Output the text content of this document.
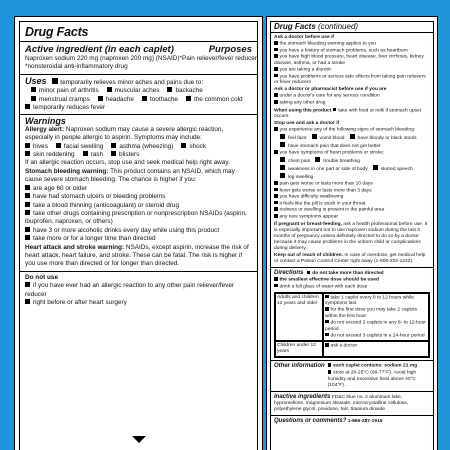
Drug Facts
Active ingredient (in each caplet)	Purposes
Naproxen sodium 220 mg (naproxen 200 mg) (NSAID)* Pain reliever/fever reducer
*nonsteroidal anti-inflammatory drug
Uses temporarily relieves minor aches and pains due to:
minor pain of arthritis	muscular aches	backache
menstrual cramps	headache	toothache	the common cold
temporarily reduces fever
Warnings
Allergy alert: Naproxen sodium may cause a severe allergic reaction, especially in people allergic to aspirin. Symptoms may include:
hives	facial swelling	asthma (wheezing)	shock
skin reddening	rash	blisters
If an allergic reaction occurs, stop use and seek medical help right away.
Stomach bleeding warning: This product contains an NSAID, which may cause severe stomach bleeding. The chance is higher if you:
are age 60 or older
have had stomach ulcers or bleeding problems
take a blood thinning (anticoagulant) or steroid drug
take other drugs containing prescription or nonprescription NSAIDs (aspirin, ibuprofen, naproxen, or others)
have 3 or more alcoholic drinks every day while using this product
take more or for a longer time than directed
Heart attack and stroke warning: NSAIDs, except aspirin, increase the risk of heart attack, heart failure, and stroke. These can be fatal. The risk is higher if you use more than directed or for longer than directed.
Do not use
if you have ever had an allergic reaction to any other pain reliever/fever reducer
right before or after heart surgery
Drug Facts (continued)
Ask a doctor before use if
the stomach bleeding warning applies to you
you have a history of stomach problems, such as heartburn
you have high blood pressure, heart disease, liver cirrhosis, kidney disease, asthma, or had a stroke
you are taking a diuretic
you have problems or serious side effects from taking pain relievers or fever reducers
Ask a doctor or pharmacist before use if you are
under a doctor's care for any serious condition
taking any other drug
When using this product take with food or milk if stomach upset occurs
Stop use and ask a doctor if
you experience any of the following signs of stomach bleeding:
feel faint	vomit blood	have bloody or black stools
have stomach pain that does not get better
you have symptoms of heart problems or stroke:
chest pain	trouble breathing
weakness in one part or side of body	slurred speech
leg swelling
pain gets worse or lasts more than 10 days
fever gets worse or lasts more than 3 days
you have difficulty swallowing
it feels like the pill is stuck in your throat
redness or swelling is present in the painful area
any new symptoms appear
If pregnant or breast-feeding, ask a health professional before use. It is especially important not to use naproxen sodium during the last 3 months of pregnancy unless definitely directed to do so by a doctor because it may cause problems in the unborn child or complications during delivery.
Keep out of reach of children. In case of overdose, get medical help or contact a Poison Control Center right away (1-800-222-1222).
Directions do not take more than directed
the smallest effective dose should be used
drink a full glass of water with each dose
Adults and children 12 years and older
take 1 caplet every 8 to 12 hours while symptoms last
for the first dose you may take 2 caplets within the first hour
do not exceed 2 caplets in any 8- to 12-hour period
do not exceed 3 caplets in a 24-hour period
Children under 12 years
ask a doctor
Other information	each caplet contains: sodium 21 mg
store at 20-25°C (68-77°F). Avoid high humidity and excessive heat above 40°C (104°F).
Inactive ingredients FD&C blue no. 2 aluminum lake, hypromellose, magnesium stearate, microcrystalline cellulose, polyethylene glycol, povidone, talc, titanium dioxide
Questions or comments? 1-866-287-1915
